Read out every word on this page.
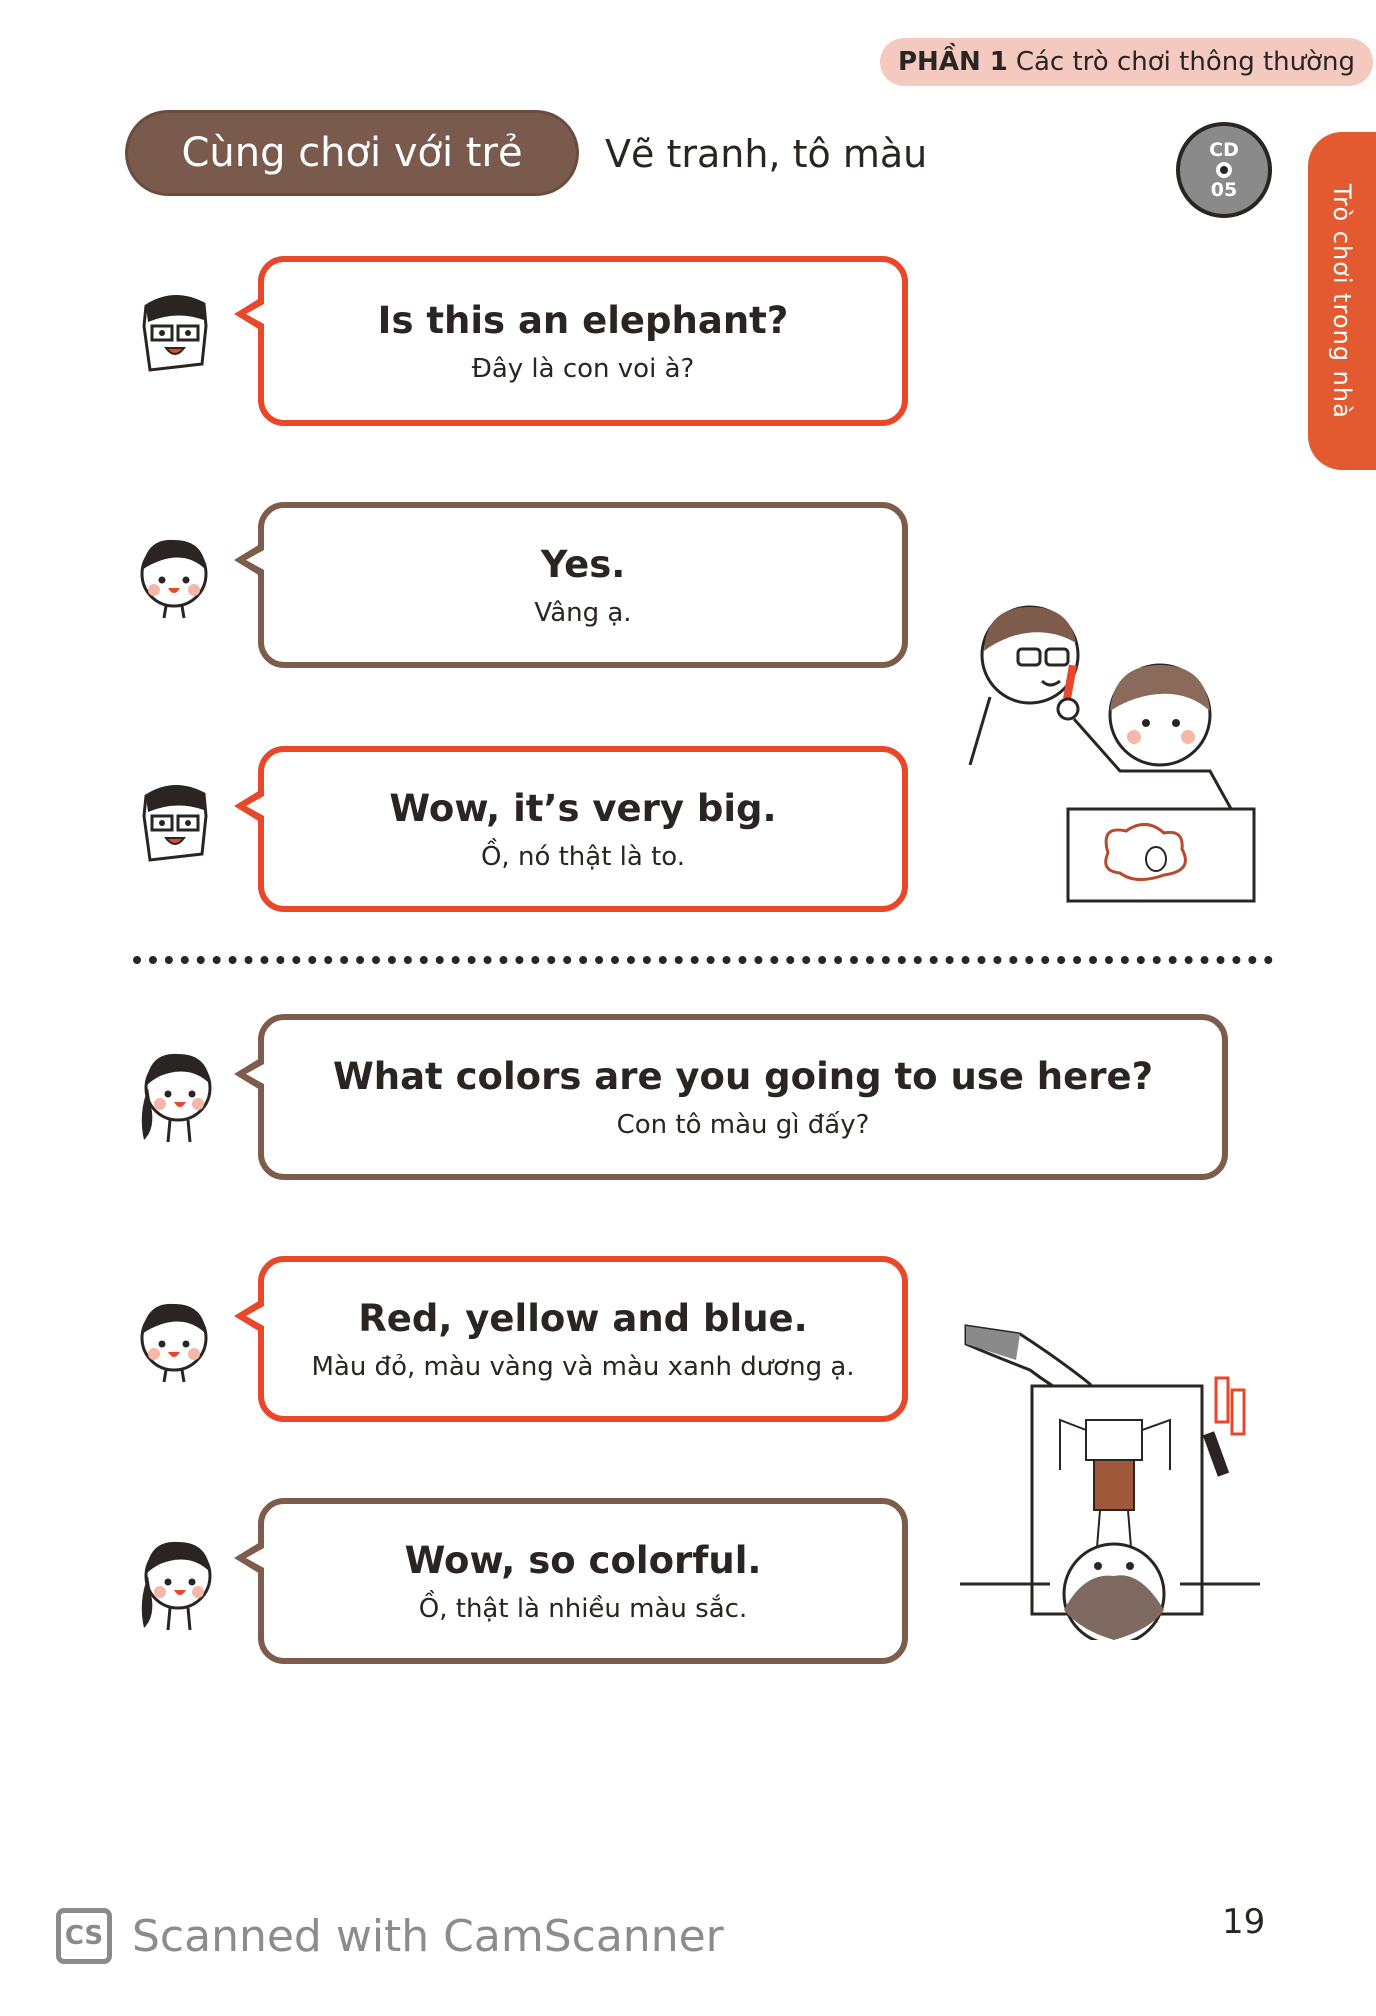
PHẦN 1 Các trò chơi thông thường
Cùng chơi với trẻ	Vẽ tranh, tô màu	CD
05	Trò chơi trong nhà
Is this an elephant?
Đây là con voi à?
Yes.
Vâng ạ.
Wow, it’s very big.
Ồ, nó thật là to.
What colors are you going to use here?
Con tô màu gì đấy?
Red, yellow and blue.
Màu đỏ, màu vàng và màu xanh dương ạ.
Wow, so colorful.
Ồ, thật là nhiều màu sắc.
19
CS Scanned with CamScanner
